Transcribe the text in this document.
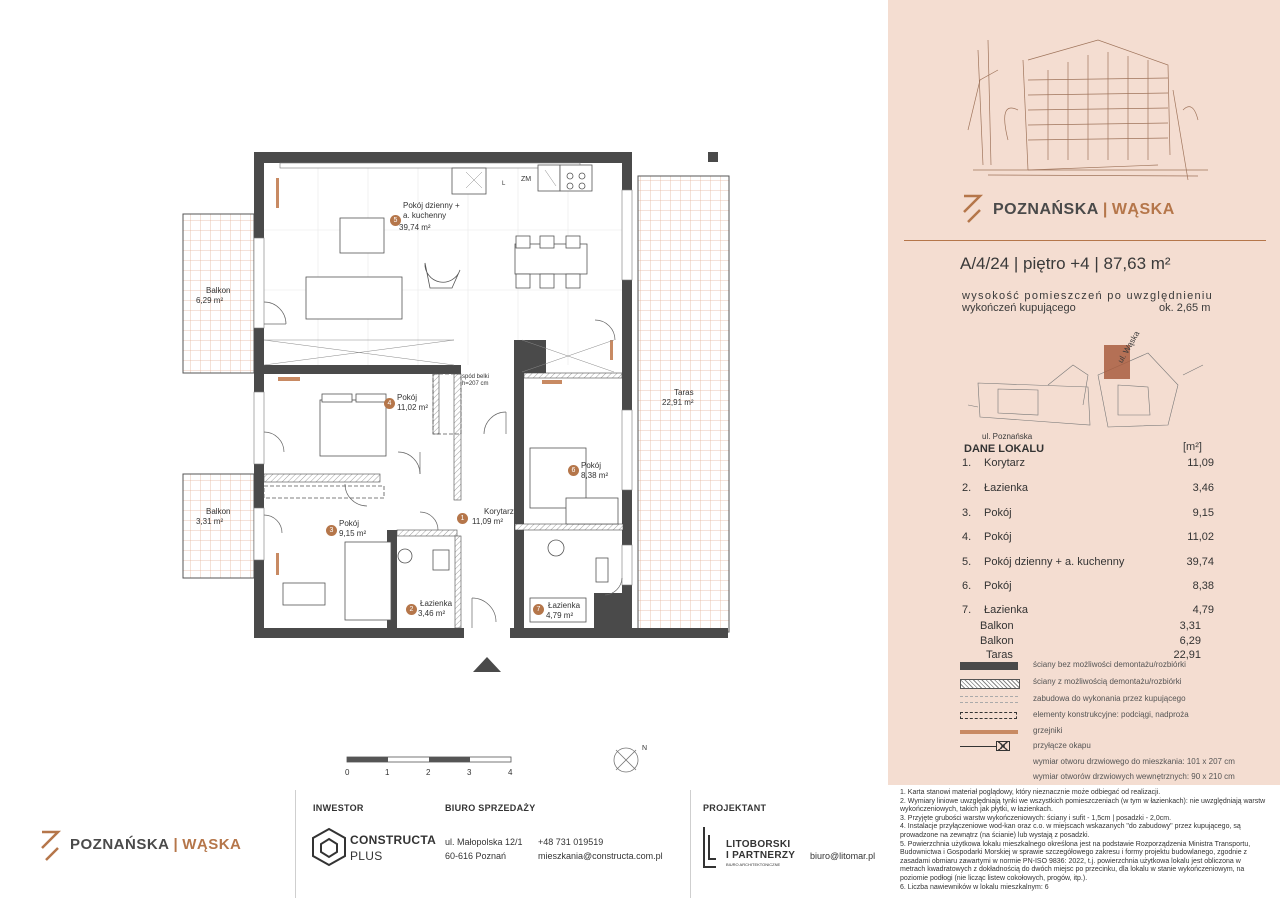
5
Pokój dzienny +
a. kuchenny
39,74 m²
4
Pokój
11,02 m²
6
Pokój
8,38 m²
3
Pokój
9,15 m²
1
Korytarz
11,09 m²
2
Łazienka
3,46 m²	7 Łazienka
4,79 m²
Balkon
6,29 m²
Balkon
3,31 m²
Taras
22,91 m²
spód belki
h=207 cm
ZM
L
0	1	2	3	4
N
POZNAŃSKA | WĄSKA
ul. Wąska
ul. Poznańska
A/4/24 | piętro +4 | 87,63 m²
wysokość pomieszczeń po uwzględnieniu
wykończeń kupującego	ok. 2,65 m
DANE LOKALU	[m²]
1. Korytarz	11,09
2. Łazienka	3,46
3. Pokój	9,15
4. Pokój	11,02
5. Pokój dzienny + a. kuchenny	39,74
6. Pokój	8,38
7. Łazienka	4,79
Balkon	3,31
Balkon	6,29
Taras	22,91
ściany bez możliwości demontażu/rozbiórki
ściany z możliwością demontażu/rozbiórki
zabudowa do wykonania przez kupującego
elementy konstrukcyjne: podciągi, nadproża
grzejniki
przyłącze okapu
wymiar otworu drzwiowego do mieszkania: 101 x 207 cm
wymiar otworów drzwiowych wewnętrznych: 90 x 210 cm
POZNAŃSKA | WĄSKA
INWESTOR
CONSTRUCTA
PLUS
BIURO SPRZEDAŻY
ul. Małopolska 12/1
60-616 Poznań
+48 731 019519
mieszkania@constructa.com.pl
PROJEKTANT
LITOBORSKI
I PARTNERZY
BIURO ARCHITEKTONICZNE
biuro@litomar.pl
1. Karta stanowi materiał poglądowy, który nieznacznie może odbiegać od realizacji.
2. Wymiary liniowe uwzględniają tynki we wszystkich pomieszczeniach (w tym w łazienkach): nie uwzględniają warstw wykończeniowych, takich jak płytki, w łazienkach.
3. Przyjęte grubości warstw wykończeniowych: ściany i sufit - 1,5cm | posadzki - 2,0cm.
4. Instalacje przyłączeniowe wod-kan oraz c.o. w miejscach wskazanych "do zabudowy" przez kupującego, są prowadzone na zewnątrz (na ścianie) lub wystają z posadzki.
5. Powierzchnia użytkowa lokalu mieszkalnego określona jest na podstawie Rozporządzenia Ministra Transportu, Budownictwa i Gospodarki Morskiej w sprawie szczegółowego zakresu i formy projektu budowlanego, zgodnie z zasadami obmiaru zawartymi w normie PN-ISO 9836: 2022, t.j. powierzchnia użytkowa lokalu jest obliczona w metrach kwadratowych z dokładnością do dwóch miejsc po przecinku, dla lokalu w stanie wykończeniowym, na poziomie podłogi (nie licząc listew cokołowych, progów, itp.).
6. Liczba nawiewników w lokalu mieszkalnym: 6
